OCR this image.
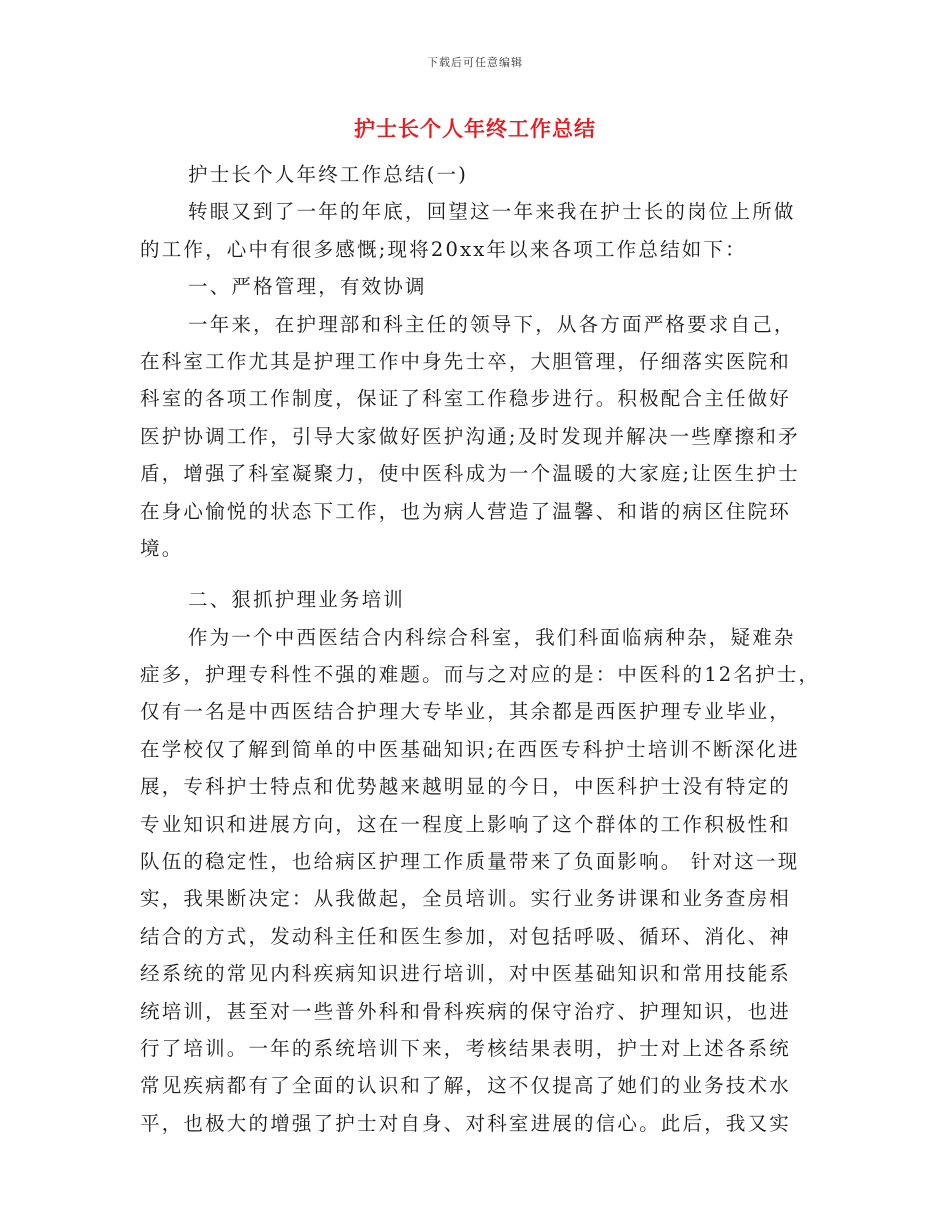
下载后可任意编辑
护士长个人年终工作总结
护士长个人年终工作总结(一)
转眼又到了一年的年底，回望这一年来我在护士长的岗位上所做
的工作，心中有很多感慨;现将20xx年以来各项工作总结如下：
一、严格管理，有效协调
一年来，在护理部和科主任的领导下，从各方面严格要求自己，
在科室工作尤其是护理工作中身先士卒，大胆管理，仔细落实医院和
科室的各项工作制度，保证了科室工作稳步进行。积极配合主任做好
医护协调工作，引导大家做好医护沟通;及时发现并解决一些摩擦和矛
盾，增强了科室凝聚力，使中医科成为一个温暖的大家庭;让医生护士
在身心愉悦的状态下工作，也为病人营造了温馨、和谐的病区住院环
境。
二、狠抓护理业务培训
作为一个中西医结合内科综合科室，我们科面临病种杂，疑难杂
症多，护理专科性不强的难题。而与之对应的是：中医科的12名护士，
仅有一名是中西医结合护理大专毕业，其余都是西医护理专业毕业，
在学校仅了解到简单的中医基础知识;在西医专科护士培训不断深化进
展，专科护士特点和优势越来越明显的今日，中医科护士没有特定的
专业知识和进展方向，这在一程度上影响了这个群体的工作积极性和
队伍的稳定性，也给病区护理工作质量带来了负面影响。 针对这一现
实，我果断决定：从我做起，全员培训。实行业务讲课和业务查房相
结合的方式，发动科主任和医生参加，对包括呼吸、循环、消化、神
经系统的常见内科疾病知识进行培训，对中医基础知识和常用技能系
统培训，甚至对一些普外科和骨科疾病的保守治疗、护理知识，也进
行了培训。一年的系统培训下来，考核结果表明，护士对上述各系统
常见疾病都有了全面的认识和了解，这不仅提高了她们的业务技术水
平，也极大的增强了护士对自身、对科室进展的信心。此后，我又实
